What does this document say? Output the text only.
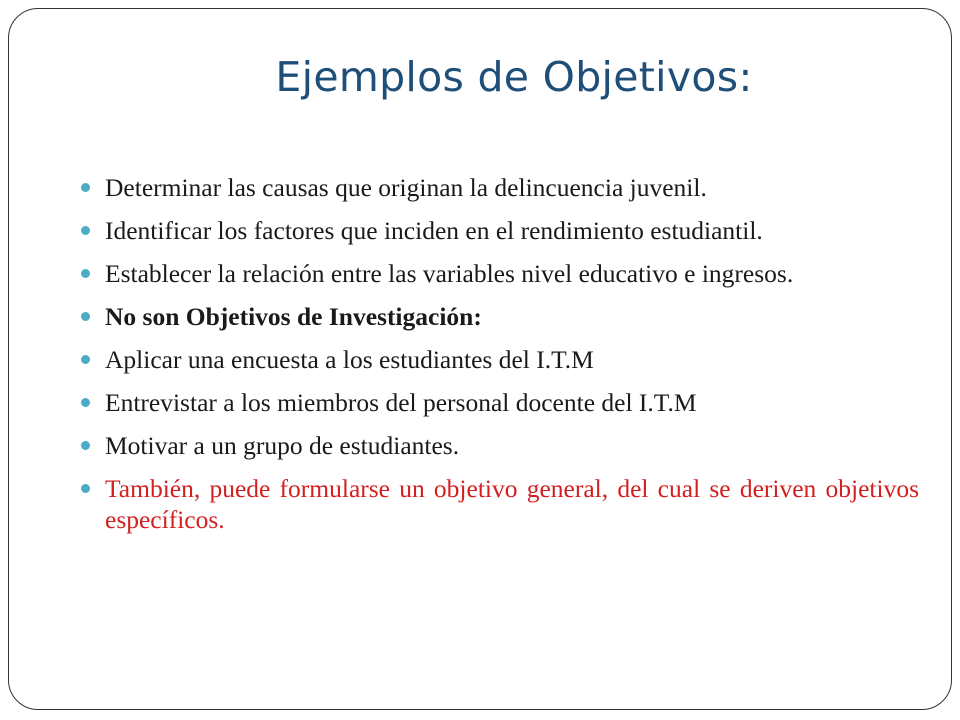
Ejemplos de Objetivos:
Determinar las causas que originan la delincuencia juvenil.
Identificar los factores que inciden en el rendimiento estudiantil.
Establecer la relación entre las variables nivel educativo e ingresos.
No son Objetivos de Investigación:
Aplicar una encuesta a los estudiantes del I.T.M
Entrevistar a los miembros del personal docente del I.T.M
Motivar a un grupo de estudiantes.
También, puede formularse un objetivo general, del cual se deriven objetivos específicos.
